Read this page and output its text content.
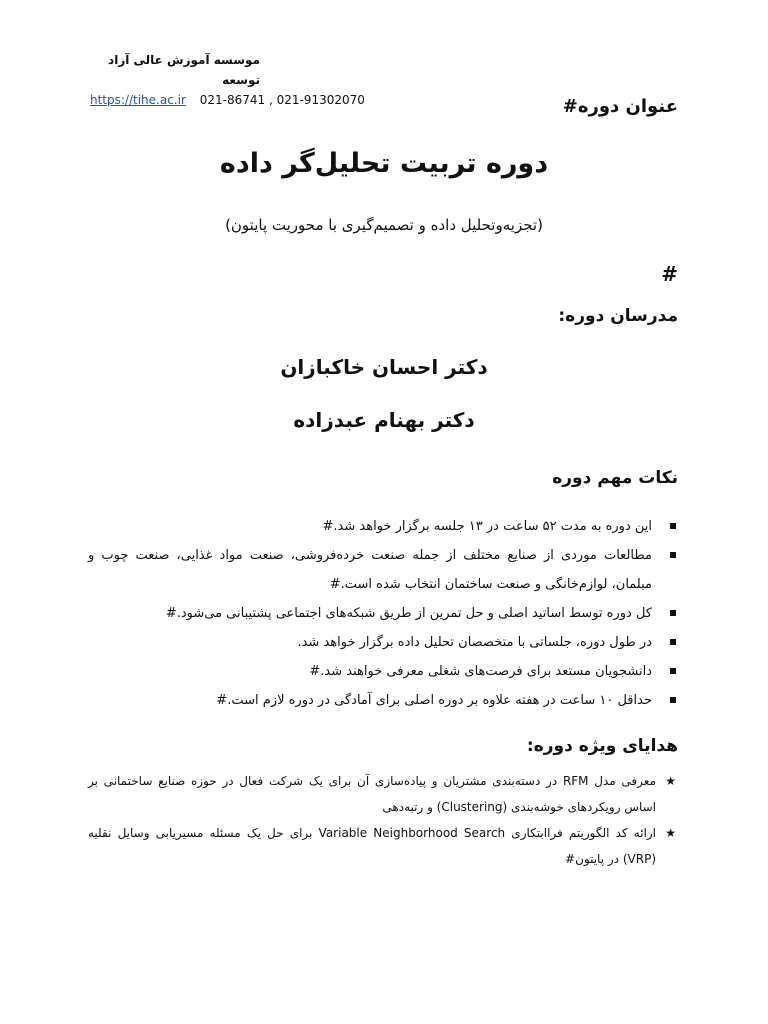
موسسه آموزش عالی آزاد توسعه
https://tihe.ac.ir 021-86741 , 021-91302070	عنوان دوره#
دوره تربیت تحلیل‌گر داده
(تجزیه‌وتحلیل داده و تصمیم‌گیری با محوریت پایتون)
#
مدرسان دوره:
دکتر احسان خاکبازان
دکتر بهنام عبدزاده
نکات مهم دوره
این دوره به مدت ۵۲ ساعت در ۱۳ جلسه برگزار خواهد شد.#
مطالعات موردی از صنایع مختلف از جمله صنعت خرده‌فروشی، صنعت مواد غذایی، صنعت چوب و مبلمان، لوازم‌خانگی و صنعت ساختمان انتخاب شده است.#
کل دوره توسط اساتید اصلی و حل تمرین از طریق شبکه‌های اجتماعی پشتیبانی می‌شود.#
در طول دوره، جلساتی با متخصصان تحلیل داده برگزار خواهد شد.
دانشجویان مستعد برای فرصت‌های شغلی معرفی خواهند شد.#
حداقل ۱۰ ساعت در هفته علاوه بر دوره اصلی برای آمادگی در دوره لازم است.#
هدایای ویژه دوره:
★
معرفی مدل RFM در دسته‌بندی مشتریان و پیاده‌سازی آن برای یک شرکت فعال در حوزه صنایع ساختمانی بر اساس رویکردهای خوشه‌بندی (Clustering) و رتبه‌دهی
★
ارائه کد الگوریتم فراابتکاری Variable Neighborhood Search برای حل یک مسئله مسیریابی وسایل نقلیه (VRP) در پایتون#
